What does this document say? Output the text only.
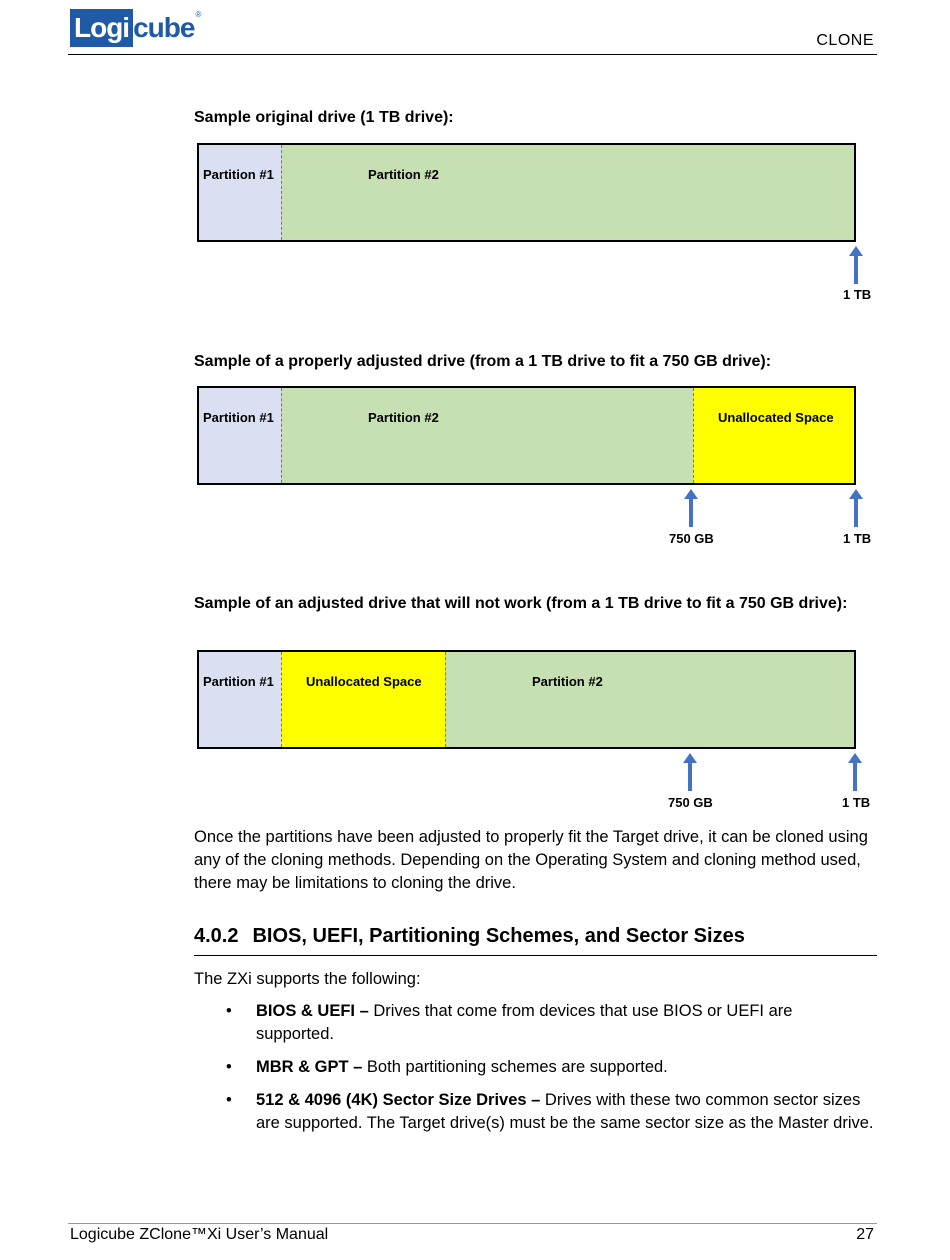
Logi cube ®
CLONE
Sample original drive (1 TB drive):
Partition #1	Partition #2
1 TB
Sample of a properly adjusted drive (from a 1 TB drive to fit a 750 GB drive):
Partition #1	Partition #2	Unallocated Space
750 GB	1 TB
Sample of an adjusted drive that will not work (from a 1 TB drive to fit a 750 GB drive):
Partition #1 Unallocated Space	Partition #2
750 GB	1 TB
Once the partitions have been adjusted to properly fit the Target drive, it can be cloned using any of the cloning methods. Depending on the Operating System and cloning method used, there may be limitations to cloning the drive.
4.0.2 BIOS, UEFI, Partitioning Schemes, and Sector Sizes
The ZXi supports the following:
• BIOS & UEFI – Drives that come from devices that use BIOS or UEFI are supported.
• MBR & GPT – Both partitioning schemes are supported.
• 512 & 4096 (4K) Sector Size Drives – Drives with these two common sector sizes are supported. The Target drive(s) must be the same sector size as the Master drive.
Logicube ZClone™Xi User’s Manual	27
